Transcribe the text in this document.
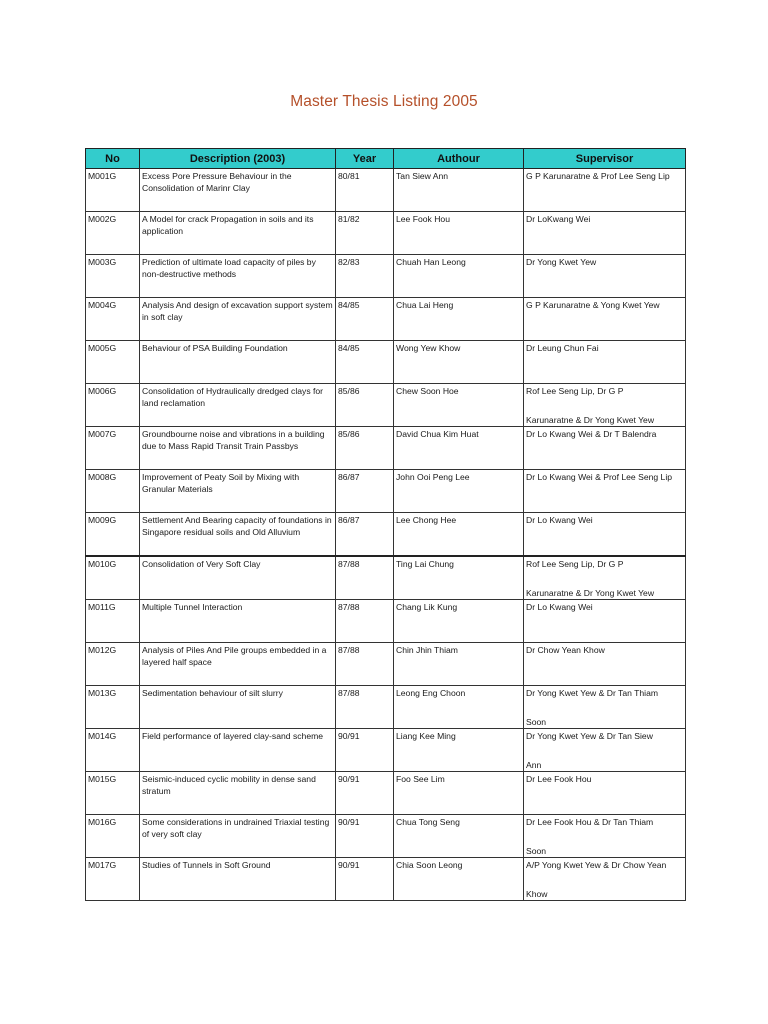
Master Thesis Listing 2005
No	Description (2003)	Year	Authour	Supervisor
M001G	Excess Pore Pressure Behaviour in the Consolidation of Marinr Clay	80/81	Tan Siew Ann	G P Karunaratne & Prof Lee Seng Lip
M002G	A Model for crack Propagation in soils and its application	81/82	Lee Fook Hou	Dr LoKwang Wei
M003G	Prediction of ultimate load capacity of piles by non-destructive methods	82/83	Chuah Han Leong	Dr Yong Kwet Yew
M004G	Analysis And design of excavation support system in soft clay	84/85	Chua Lai Heng	G P Karunaratne & Yong Kwet Yew
M005G	Behaviour of PSA Building Foundation	84/85	Wong Yew Khow	Dr Leung Chun Fai
M006G	Consolidation of Hydraulically dredged clays for land reclamation	85/86	Chew Soon Hoe	Rof Lee Seng Lip, Dr G P
Karunaratne & Dr Yong Kwet Yew

M007G	Groundbourne noise and vibrations in a building due to Mass Rapid Transit Train Passbys	85/86	David Chua Kim Huat	Dr Lo Kwang Wei & Dr T Balendra
M008G	Improvement of Peaty Soil by Mixing with Granular Materials	86/87	John Ooi Peng Lee	Dr Lo Kwang Wei & Prof Lee Seng Lip
M009G	Settlement And Bearing capacity of foundations in Singapore residual soils and Old Alluvium	86/87	Lee Chong Hee	Dr Lo Kwang Wei
M010G	Consolidation of Very Soft Clay	87/88	Ting Lai Chung	Rof Lee Seng Lip, Dr G P
Karunaratne & Dr Yong Kwet Yew

M011G	Multiple Tunnel Interaction	87/88	Chang Lik Kung	Dr Lo Kwang Wei
M012G	Analysis of Piles And Pile groups embedded in a layered half space	87/88	Chin Jhin Thiam	Dr Chow Yean Khow
M013G	Sedimentation behaviour of silt slurry	87/88	Leong Eng Choon	Dr Yong Kwet Yew & Dr Tan Thiam
Soon

M014G	Field performance of layered clay-sand scheme	90/91	Liang Kee Ming	Dr Yong Kwet Yew & Dr Tan Siew
Ann

M015G	Seismic-induced cyclic mobility in dense sand stratum	90/91	Foo See Lim	Dr Lee Fook Hou
M016G	Some considerations in undrained Triaxial testing of very soft clay	90/91	Chua Tong Seng	Dr Lee Fook Hou & Dr Tan Thiam
Soon

M017G	Studies of Tunnels in Soft Ground	90/91	Chia Soon Leong	A/P Yong Kwet Yew & Dr Chow Yean
Khow
